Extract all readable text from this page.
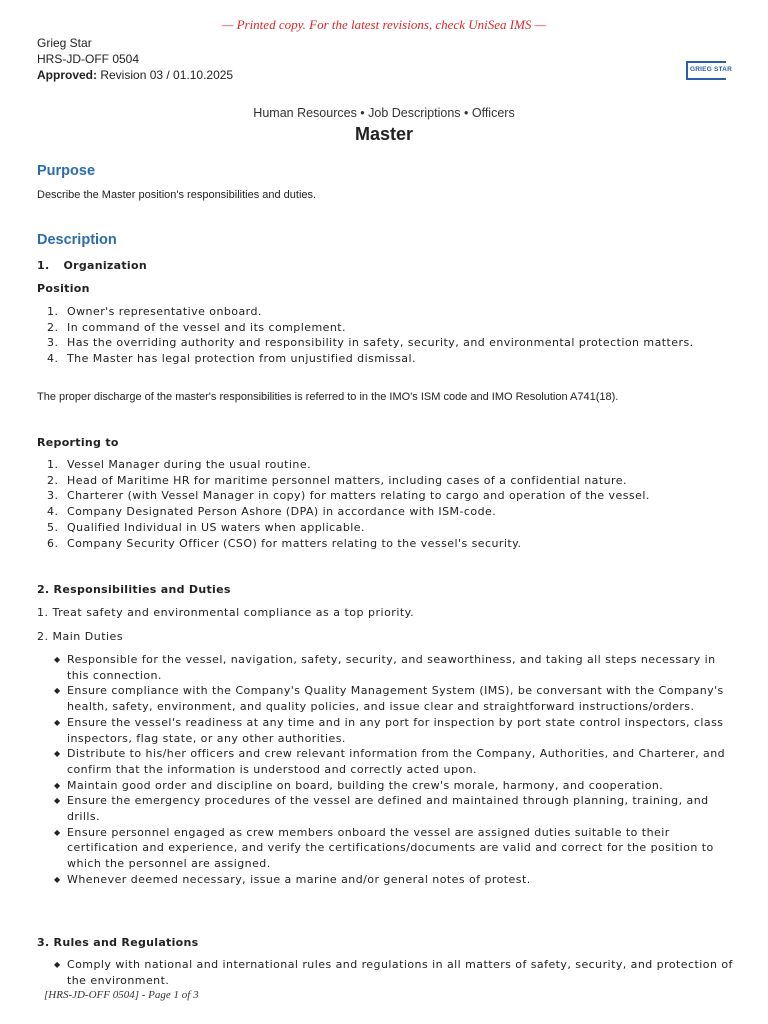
— Printed copy. For the latest revisions, check UniSea IMS —
Grieg Star
HRS-JD-OFF 0504
Approved: Revision 03 / 01.10.2025	GRIEG STAR
Human Resources • Job Descriptions • Officers
Master
Purpose
Describe the Master position's responsibilities and duties.
Description
1. Organization
Position
1. Owner's representative onboard.
2. In command of the vessel and its complement.
3. Has the overriding authority and responsibility in safety, security, and environmental protection matters.
4. The Master has legal protection from unjustified dismissal.
The proper discharge of the master's responsibilities is referred to in the IMO's ISM code and IMO Resolution A741(18).
Reporting to
1. Vessel Manager during the usual routine.
2. Head of Maritime HR for maritime personnel matters, including cases of a confidential nature.
3. Charterer (with Vessel Manager in copy) for matters relating to cargo and operation of the vessel.
4. Company Designated Person Ashore (DPA) in accordance with ISM-code.
5. Qualified Individual in US waters when applicable.
6. Company Security Officer (CSO) for matters relating to the vessel's security.
2. Responsibilities and Duties
1. Treat safety and environmental compliance as a top priority.
2. Main Duties
◆ Responsible for the vessel, navigation, safety, security, and seaworthiness, and taking all steps necessary in this connection.
◆ Ensure compliance with the Company's Quality Management System (IMS), be conversant with the Company's health, safety, environment, and quality policies, and issue clear and straightforward instructions/orders.
◆ Ensure the vessel's readiness at any time and in any port for inspection by port state control inspectors, class inspectors, flag state, or any other authorities.
◆ Distribute to his/her officers and crew relevant information from the Company, Authorities, and Charterer, and confirm that the information is understood and correctly acted upon.
◆ Maintain good order and discipline on board, building the crew's morale, harmony, and cooperation.
◆ Ensure the emergency procedures of the vessel are defined and maintained through planning, training, and drills.
◆ Ensure personnel engaged as crew members onboard the vessel are assigned duties suitable to their certification and experience, and verify the certifications/documents are valid and correct for the position to which the personnel are assigned.
◆ Whenever deemed necessary, issue a marine and/or general notes of protest.
3. Rules and Regulations
◆ Comply with national and international rules and regulations in all matters of safety, security, and protection of the environment.
[HRS-JD-OFF 0504] - Page 1 of 3
